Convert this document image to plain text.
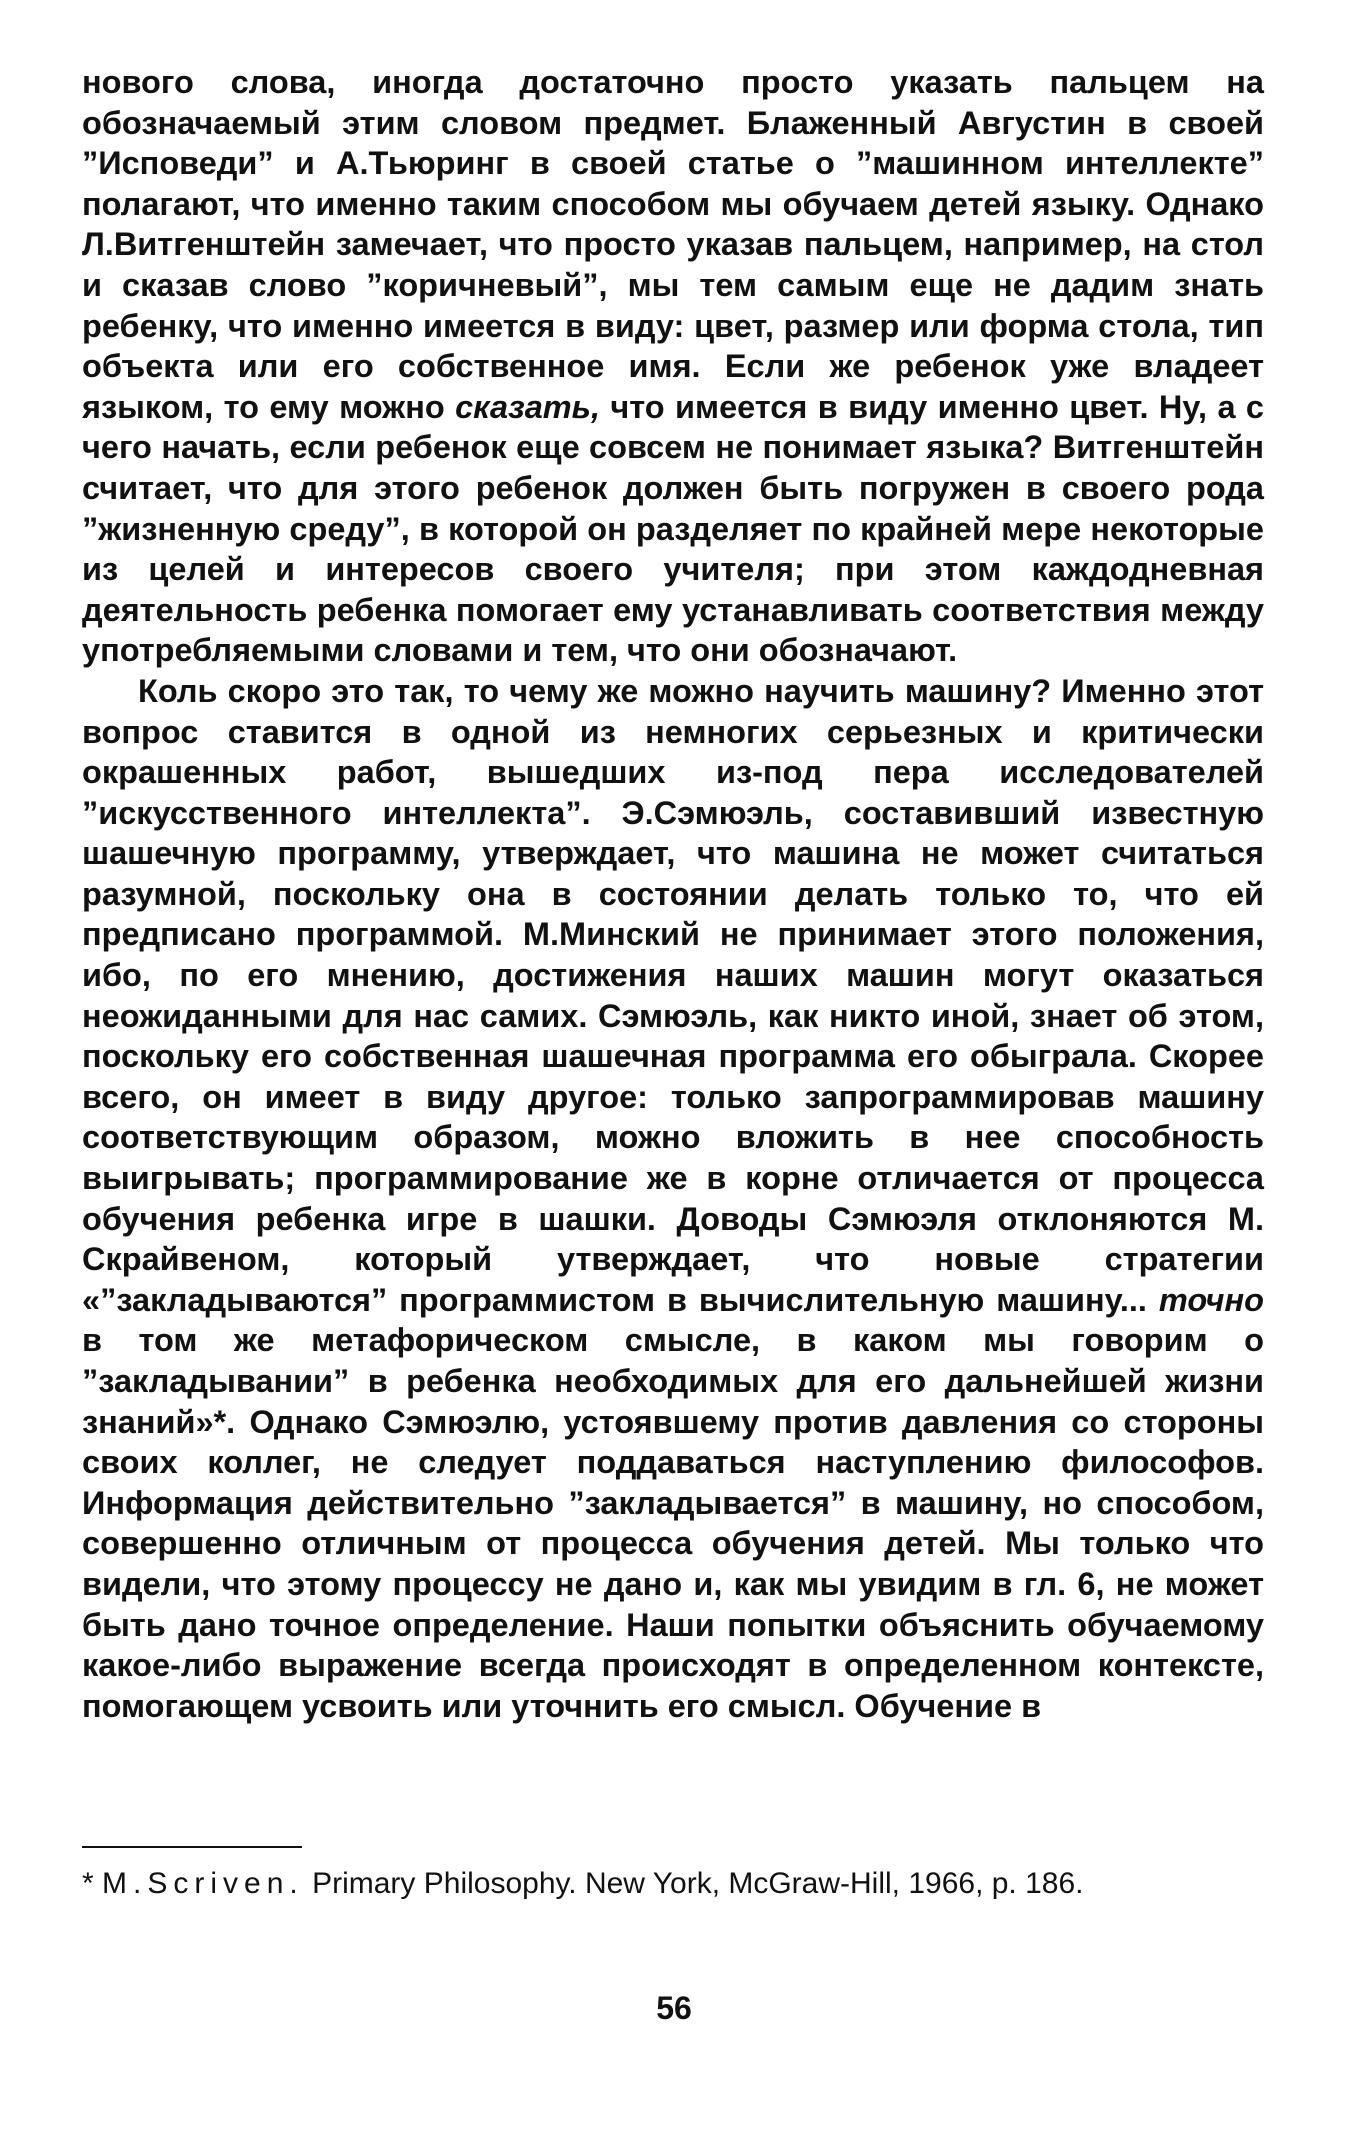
нового слова, иногда достаточно просто указать пальцем на обозначаемый этим словом предмет. Блаженный Августин в своей ”Исповеди” и А.Тьюринг в своей статье о ”машинном интеллекте” полагают, что именно таким способом мы обучаем детей языку. Однако Л.Витгенштейн замечает, что просто указав пальцем, например, на стол и сказав слово ”коричневый”, мы тем самым еще не дадим знать ребенку, что именно имеется в виду: цвет, размер или форма стола, тип объекта или его собственное имя. Если же ребенок уже владеет языком, то ему можно сказать, что имеется в виду именно цвет. Ну, а с чего начать, если ребенок еще совсем не понимает языка? Витгенштейн считает, что для этого ребенок должен быть погружен в своего рода ”жизненную среду”, в которой он разделяет по крайней мере некоторые из целей и интересов своего учителя; при этом каждодневная деятельность ребенка помогает ему устанавливать соответствия между употребляемыми словами и тем, что они обозначают.

Коль скоро это так, то чему же можно научить машину? Именно этот вопрос ставится в одной из немногих серьезных и критически окрашенных работ, вышедших из-под пера исследователей ”искусственного интеллекта”. Э.Сэмюэль, составивший известную шашечную программу, утверждает, что машина не может считаться разумной, поскольку она в состоянии делать только то, что ей предписано программой. М.Минский не принимает этого положения, ибо, по его мнению, достижения наших машин могут оказаться неожиданными для нас самих. Сэмюэль, как никто иной, знает об этом, поскольку его собственная шашечная программа его обыграла. Скорее всего, он имеет в виду другое: только запрограммировав машину соответствующим образом, можно вложить в нее способность выигрывать; программирование же в корне отличается от процесса обучения ребенка игре в шашки. Доводы Сэмюэля отклоняются М. Скрайвеном, который утверждает, что новые стратегии «”закладываются” программистом в вычислительную машину... точно в том же метафорическом смысле, в каком мы говорим о ”закладывании” в ребенка необходимых для его дальнейшей жизни знаний»*. Однако Сэмюэлю, устоявшему против давления со стороны своих коллег, не следует поддаваться наступлению философов. Информация действительно ”закладывается” в машину, но способом, совершенно отличным от процесса обучения детей. Мы только что видели, что этому процессу не дано и, как мы увидим в гл. 6, не может быть дано точное определение. Наши попытки объяснить обучаемому какое-либо выражение всегда происходят в определенном контексте, помогающем усвоить или уточнить его смысл. Обучение в

* M.Scriven. Primary Philosophy. New York, McGraw-Hill, 1966, p. 186.
56
